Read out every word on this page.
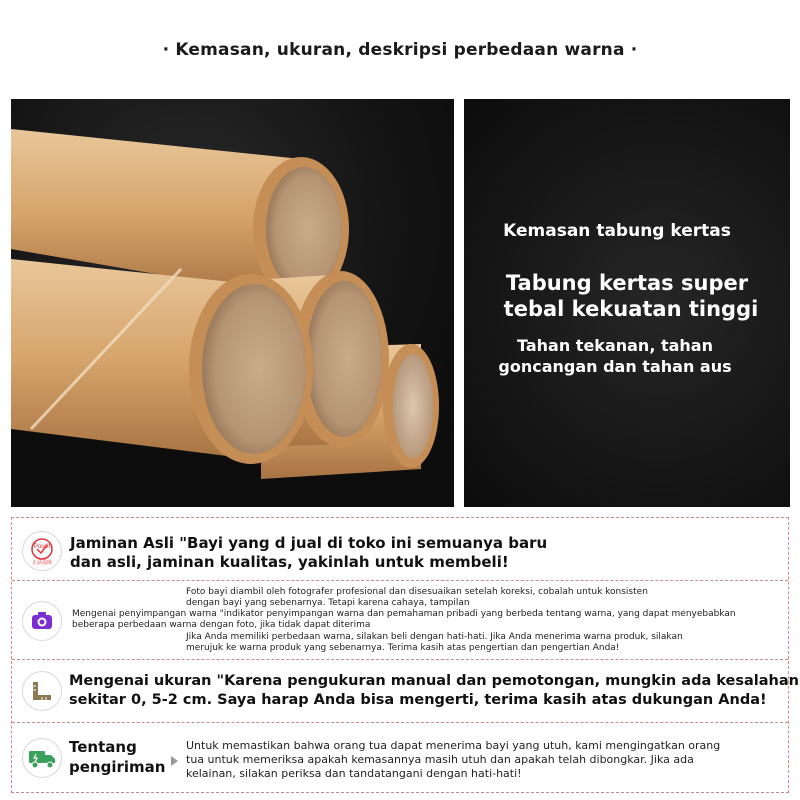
· Kemasan, ukuran, deskripsi perbedaan warna ·
Kemasan tabung kertas
Tabung kertas super
tebal kekuatan tinggi
Tahan tekanan, tahan
goncangan dan tahan aus
Positif
正品保障
Jaminan Asli "Bayi yang d jual di toko ini semuanya baru
dan asli, jaminan kualitas, yakinlah untuk membeli!
Foto bayi diambil oleh fotografer profesional dan disesuaikan setelah koreksi, cobalah untuk konsisten
dengan bayi yang sebenarnya. Tetapi karena cahaya, tampilan
Mengenai penyimpangan warna "indikator penyimpangan warna dan pemahaman pribadi yang berbeda tentang warna, yang dapat menyebabkan
beberapa perbedaan warna dengan foto, jika tidak dapat diterima
Jika Anda memiliki perbedaan warna, silakan beli dengan hati-hati. Jika Anda menerima warna produk, silakan
merujuk ke warna produk yang sebenarnya. Terima kasih atas pengertian dan pengertian Anda!
Mengenai ukuran "Karena pengukuran manual dan pemotongan, mungkin ada kesalahan
sekitar 0, 5-2 cm. Saya harap Anda bisa mengerti, terima kasih atas dukungan Anda!
Tentang
pengiriman
Untuk memastikan bahwa orang tua dapat menerima bayi yang utuh, kami mengingatkan orang
tua untuk memeriksa apakah kemasannya masih utuh dan apakah telah dibongkar. Jika ada
kelainan, silakan periksa dan tandatangani dengan hati-hati!
